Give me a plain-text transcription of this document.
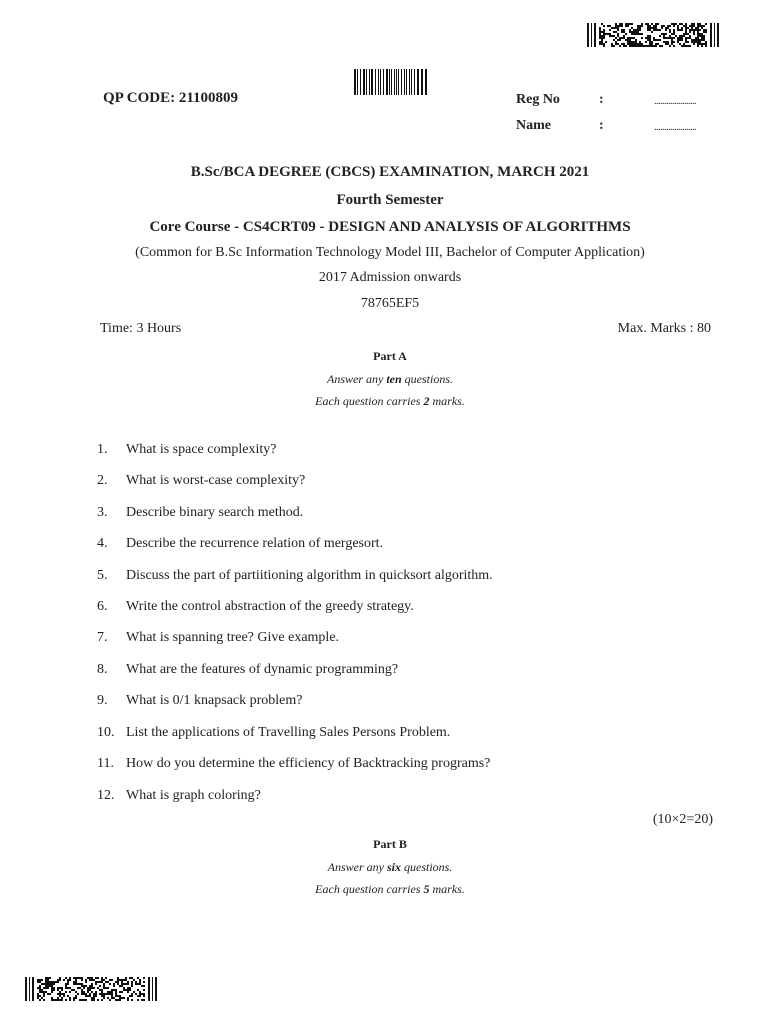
QP CODE: 21100809	Reg No	:	.....................
Name	:	.....................
B.Sc/BCA DEGREE (CBCS) EXAMINATION, MARCH 2021
Fourth Semester
Core Course - CS4CRT09 - DESIGN AND ANALYSIS OF ALGORITHMS
(Common for B.Sc Information Technology Model III, Bachelor of Computer Application)
2017 Admission onwards
78765EF5
Time: 3 Hours	Max. Marks : 80
Part A
Answer any ten questions.
Each question carries 2 marks.
1.	What is space complexity?
2.	What is worst-case complexity?
3.	Describe binary search method.
4.	Describe the recurrence relation of mergesort.
5.	Discuss the part of partiitioning algorithm in quicksort algorithm.
6.	Write the control abstraction of the greedy strategy.
7.	What is spanning tree? Give example.
8.	What are the features of dynamic programming?
9.	What is 0/1 knapsack problem?
10. List the applications of Travelling Sales Persons Problem.
11. How do you determine the efficiency of Backtracking programs?
12. What is graph coloring?
(10×2=20)
Part B
Answer any six questions.
Each question carries 5 marks.
